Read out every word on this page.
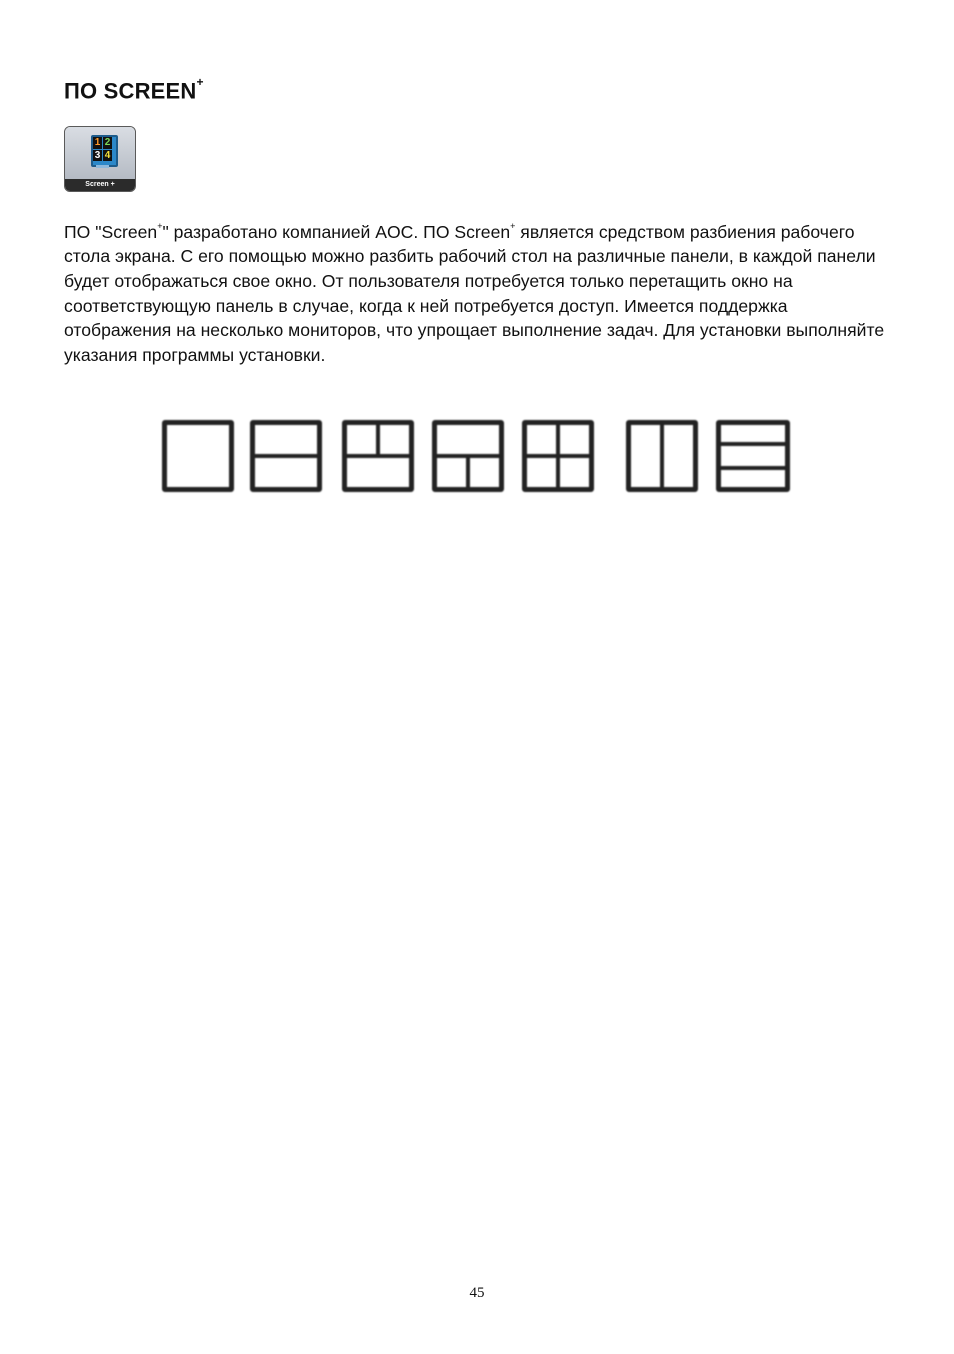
ПО SCREEN+
1 2
3 4
Screen +

ПО "Screen+" разработано компанией AOC. ПО Screen+ является средством разбиения рабочего стола экрана. С его помощью можно разбить рабочий стол на различные панели, в каждой панели будет отображаться свое окно. От пользователя потребуется только перетащить окно на соответствующую панель в случае, когда к ней потребуется доступ. Имеется поддержка отображения на несколько мониторов, что упрощает выполнение задач. Для установки выполняйте указания программы установки.

45
